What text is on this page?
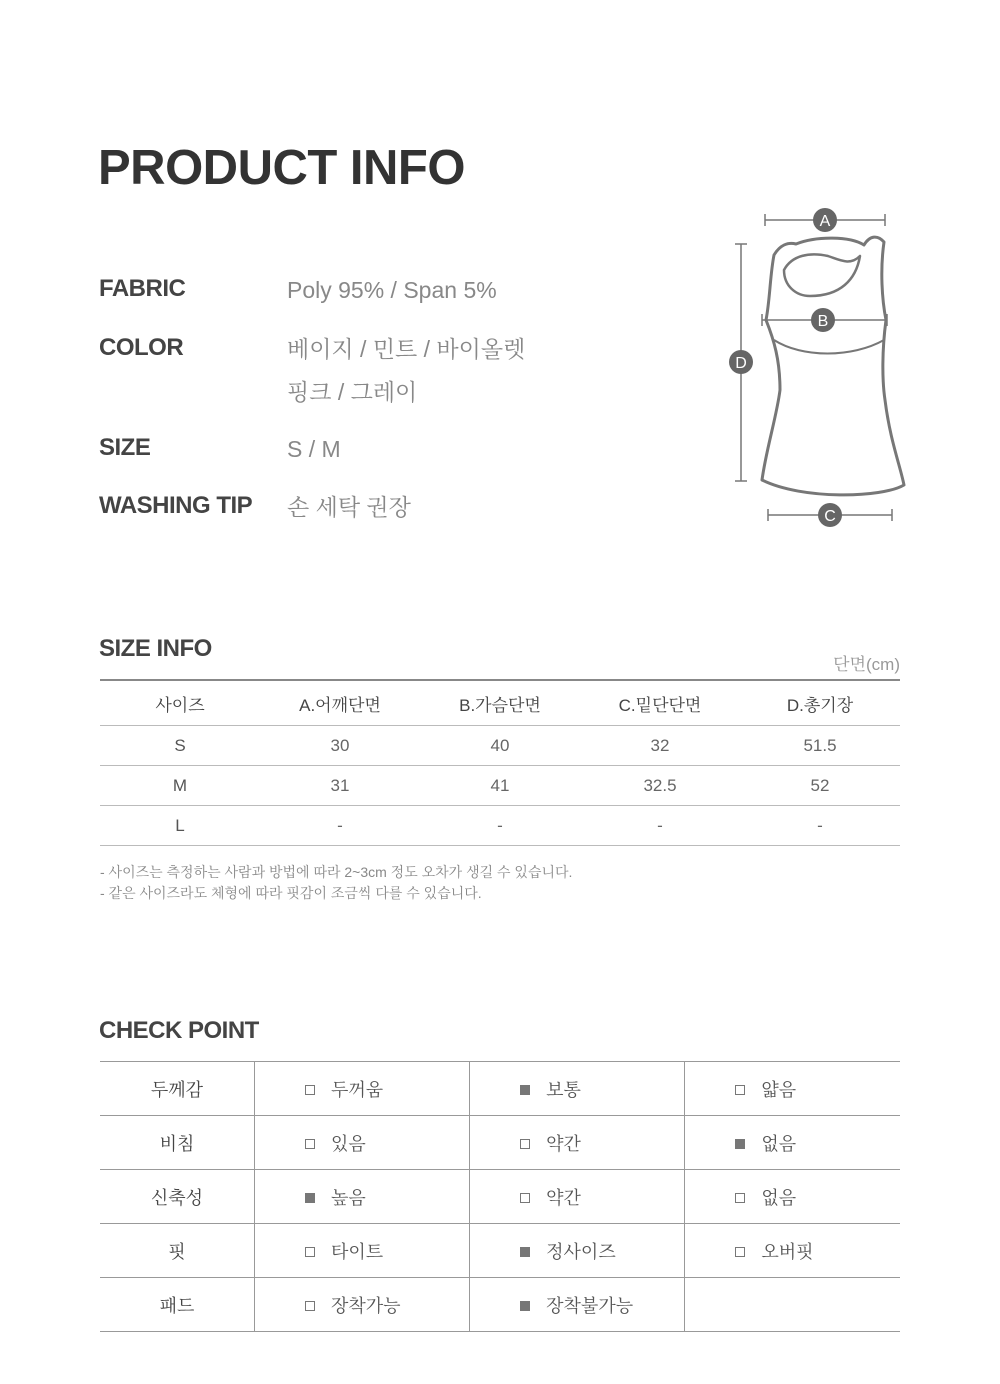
PRODUCT INFO
FABRIC	Poly 95% / Span 5%
COLOR	베이지 / 민트 / 바이올렛
핑크 / 그레이
SIZE	S / M
WASHING TIP	손 세탁 권장
A
B
C
D
SIZE INFO
단면(cm)
사이즈	A.어깨단면	B.가슴단면	C.밑단단면	D.총기장
S	30	40	32	51.5
M	31	41	32.5	52
L	-	-	-	-
- 사이즈는 측정하는 사람과 방법에 따라 2~3cm 정도 오차가 생길 수 있습니다.
- 같은 사이즈라도 체형에 따라 핏감이 조금씩 다를 수 있습니다.
CHECK POINT
두께감	두꺼움	보통	얇음
비침	있음	약간	없음
신축성	높음	약간	없음
핏	타이트	정사이즈	오버핏
패드	장착가능	장착불가능	
